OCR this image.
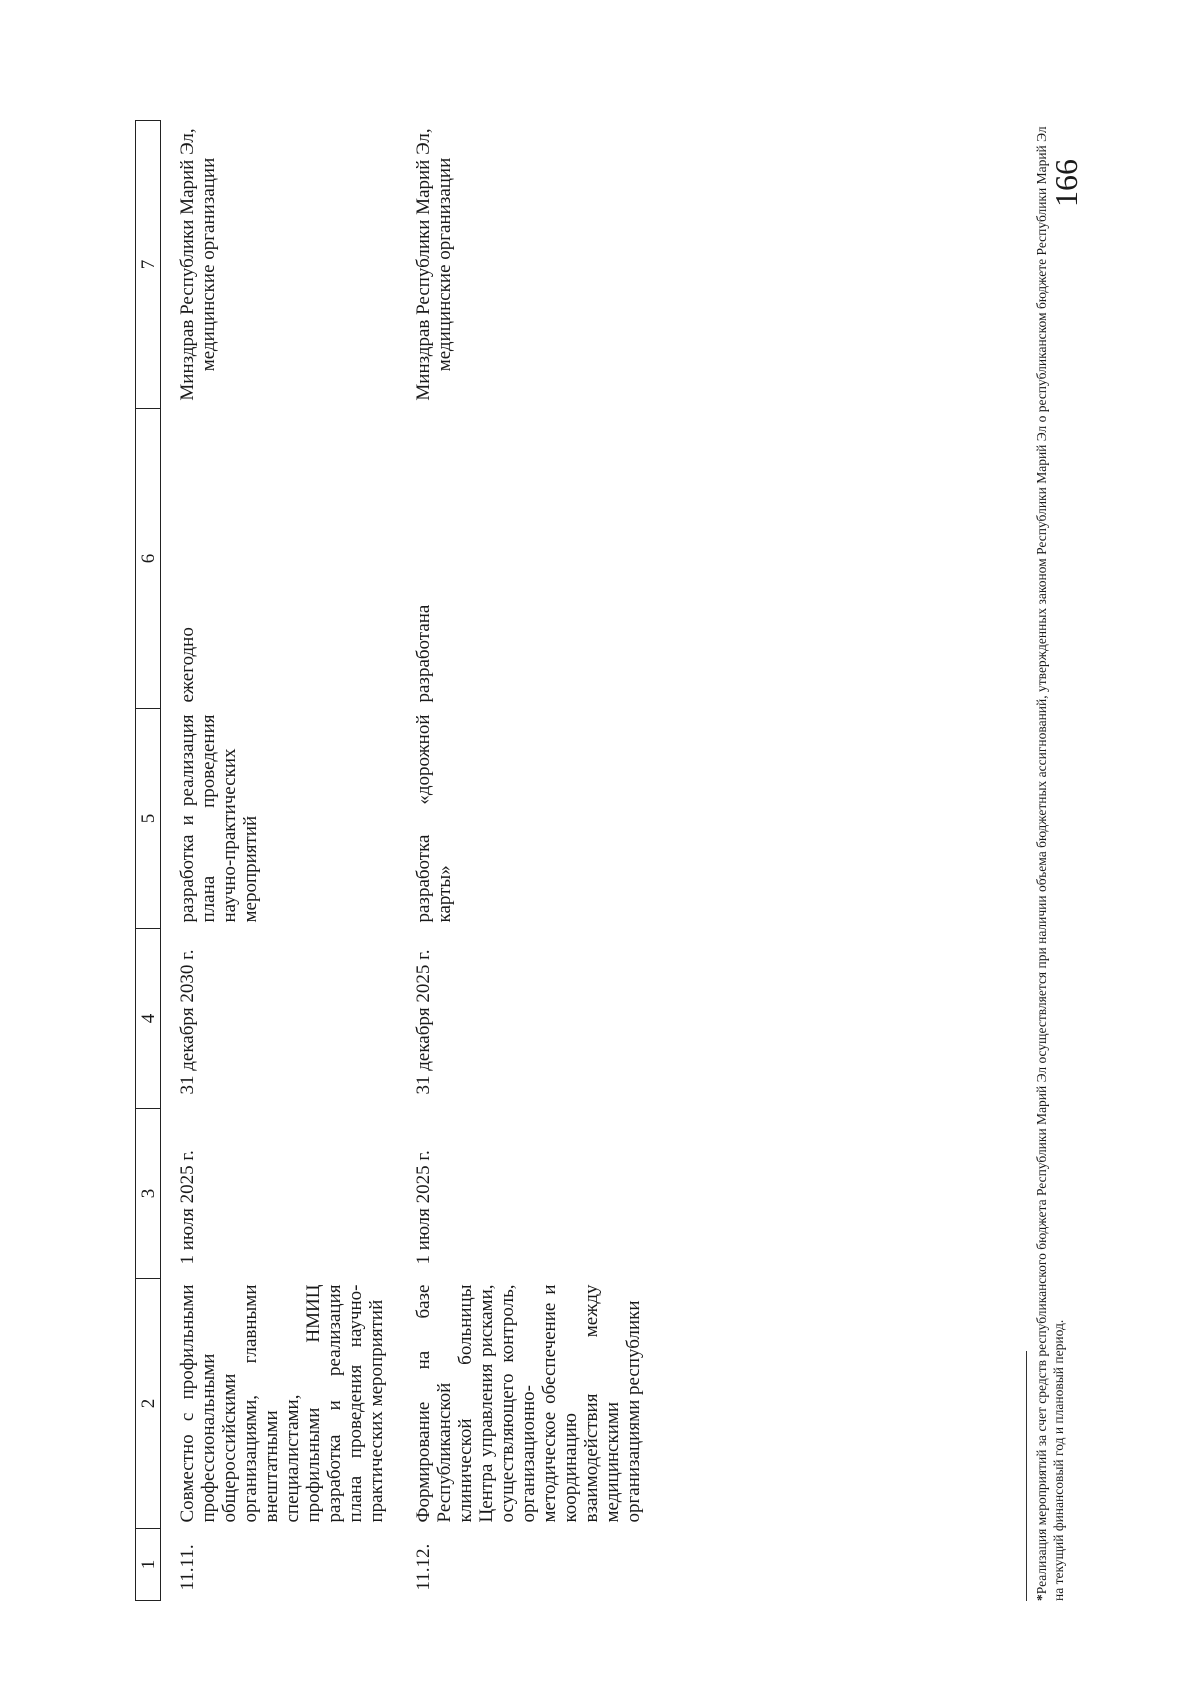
166
1	2	3	4	5	6	7
11.11.	Совместно с профильными профессиональными общероссийскими организациями, главными внештатными специалистами, профильными НМИЦ разработка и реализация плана проведения научно-практических мероприятий	1 июля 2025 г.	31 декабря 2030 г.	разработка и реализация плана проведения научно-практических мероприятий	ежегодно	Минздрав Республики Марий Эл, медицинские организации
11.12.	Формирование на базе Республиканской клинической больницы Центра управления рисками, осуществляющего контроль, организационно-методическое обеспечение и координацию взаимодействия между медицинскими организациями республики	1 июля 2025 г.	31 декабря 2025 г.	разработка «дорожной карты»	разработана	Минздрав Республики Марий Эл, медицинские организации
*Реализация мероприятий за счет средств республиканского бюджета Республики Марий Эл осуществляется при наличии объема бюджетных ассигнований, утвержденных законом Республики Марий Эл о республиканском бюджете Республики Марий Эл на текущий финансовый год и плановый период.
